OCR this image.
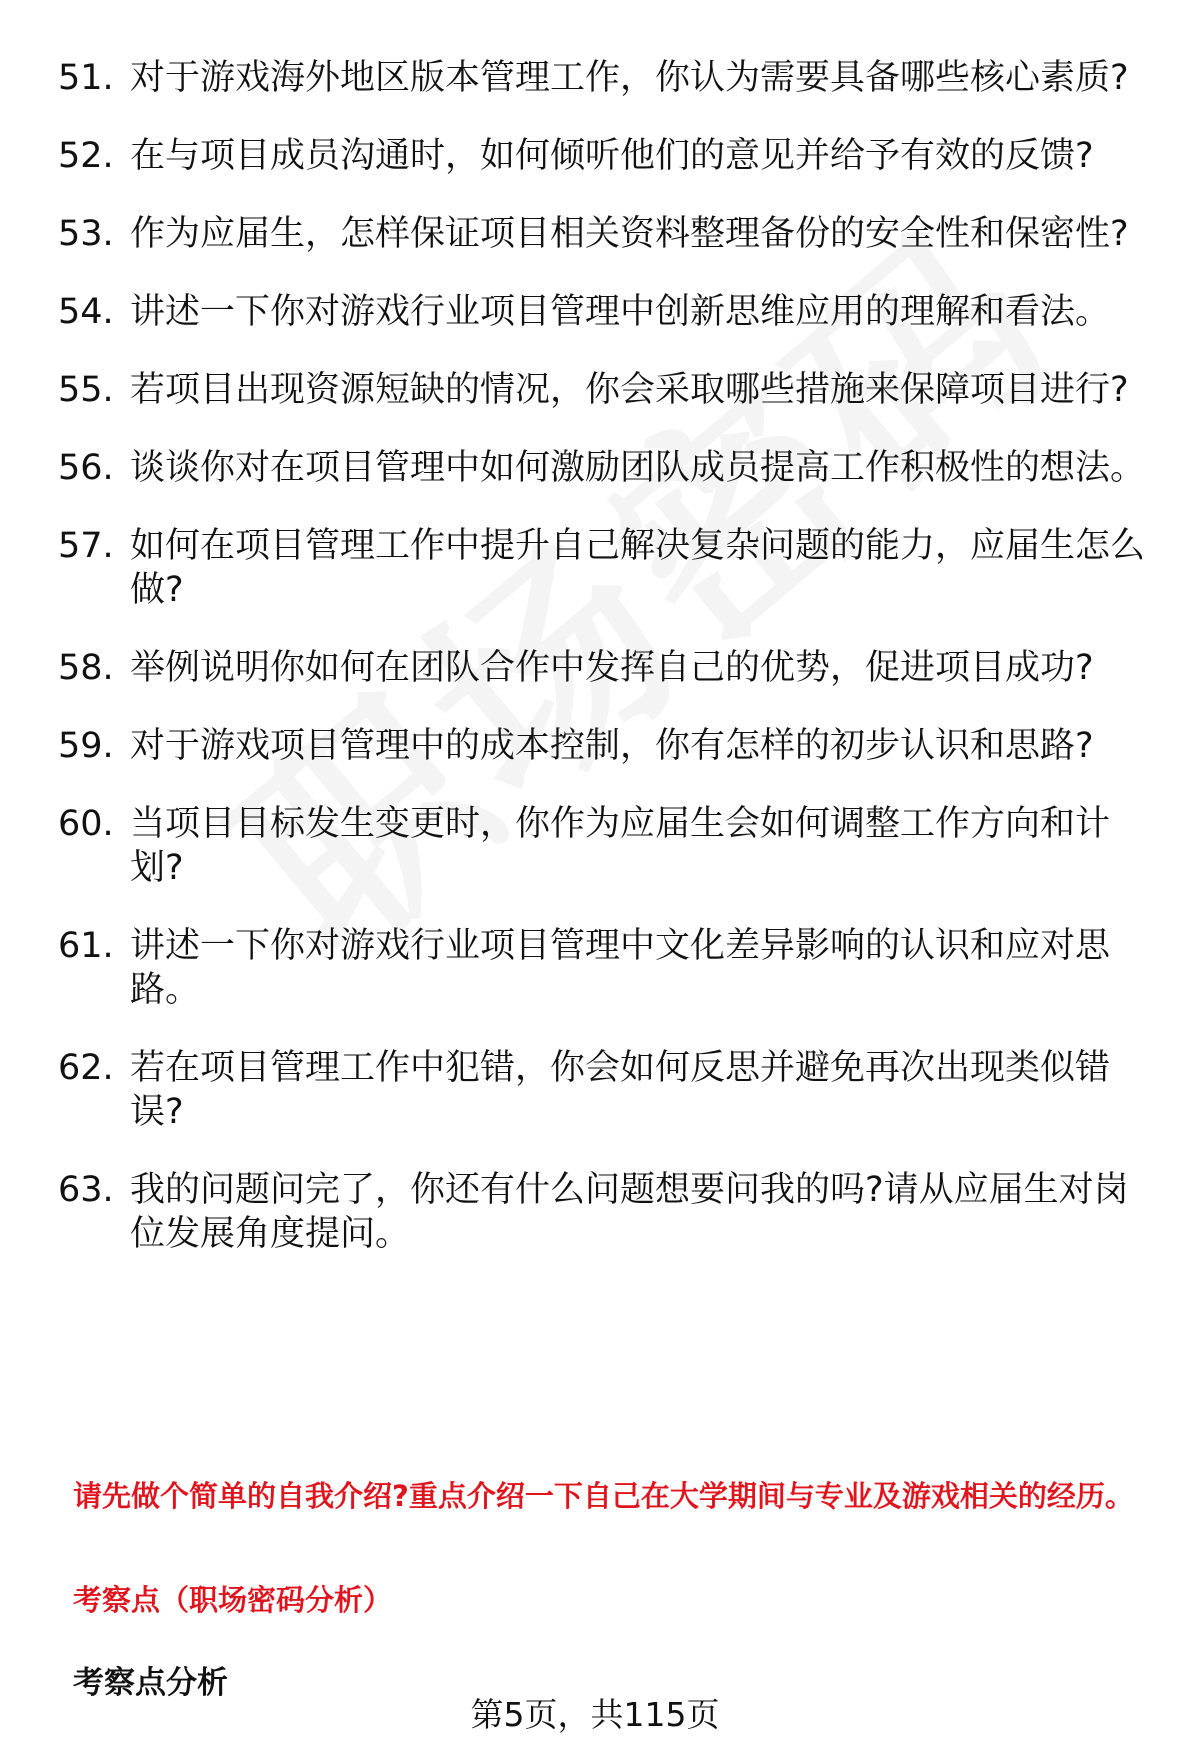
51. 对于游戏海外地区版本管理工作，你认为需要具备哪些核心素质?
52. 在与项目成员沟通时，如何倾听他们的意见并给予有效的反馈?
53. 作为应届生，怎样保证项目相关资料整理备份的安全性和保密性?
54. 讲述一下你对游戏行业项目管理中创新思维应用的理解和看法。
55. 若项目出现资源短缺的情况，你会采取哪些措施来保障项目进行?
56. 谈谈你对在项目管理中如何激励团队成员提高工作积极性的想法。
57. 如何在项目管理工作中提升自己解决复杂问题的能力，应届生怎么做?
58. 举例说明你如何在团队合作中发挥自己的优势，促进项目成功?
59. 对于游戏项目管理中的成本控制，你有怎样的初步认识和思路?
60. 当项目目标发生变更时，你作为应届生会如何调整工作方向和计划?
61. 讲述一下你对游戏行业项目管理中文化差异影响的认识和应对思路。
62. 若在项目管理工作中犯错，你会如何反思并避免再次出现类似错误?
63. 我的问题问完了，你还有什么问题想要问我的吗?请从应届生对岗位发展角度提问。
请先做个简单的自我介绍?重点介绍一下自己在大学期间与专业及游戏相关的经历。
考察点（职场密码分析）
考察点分析
第5页，共115页
